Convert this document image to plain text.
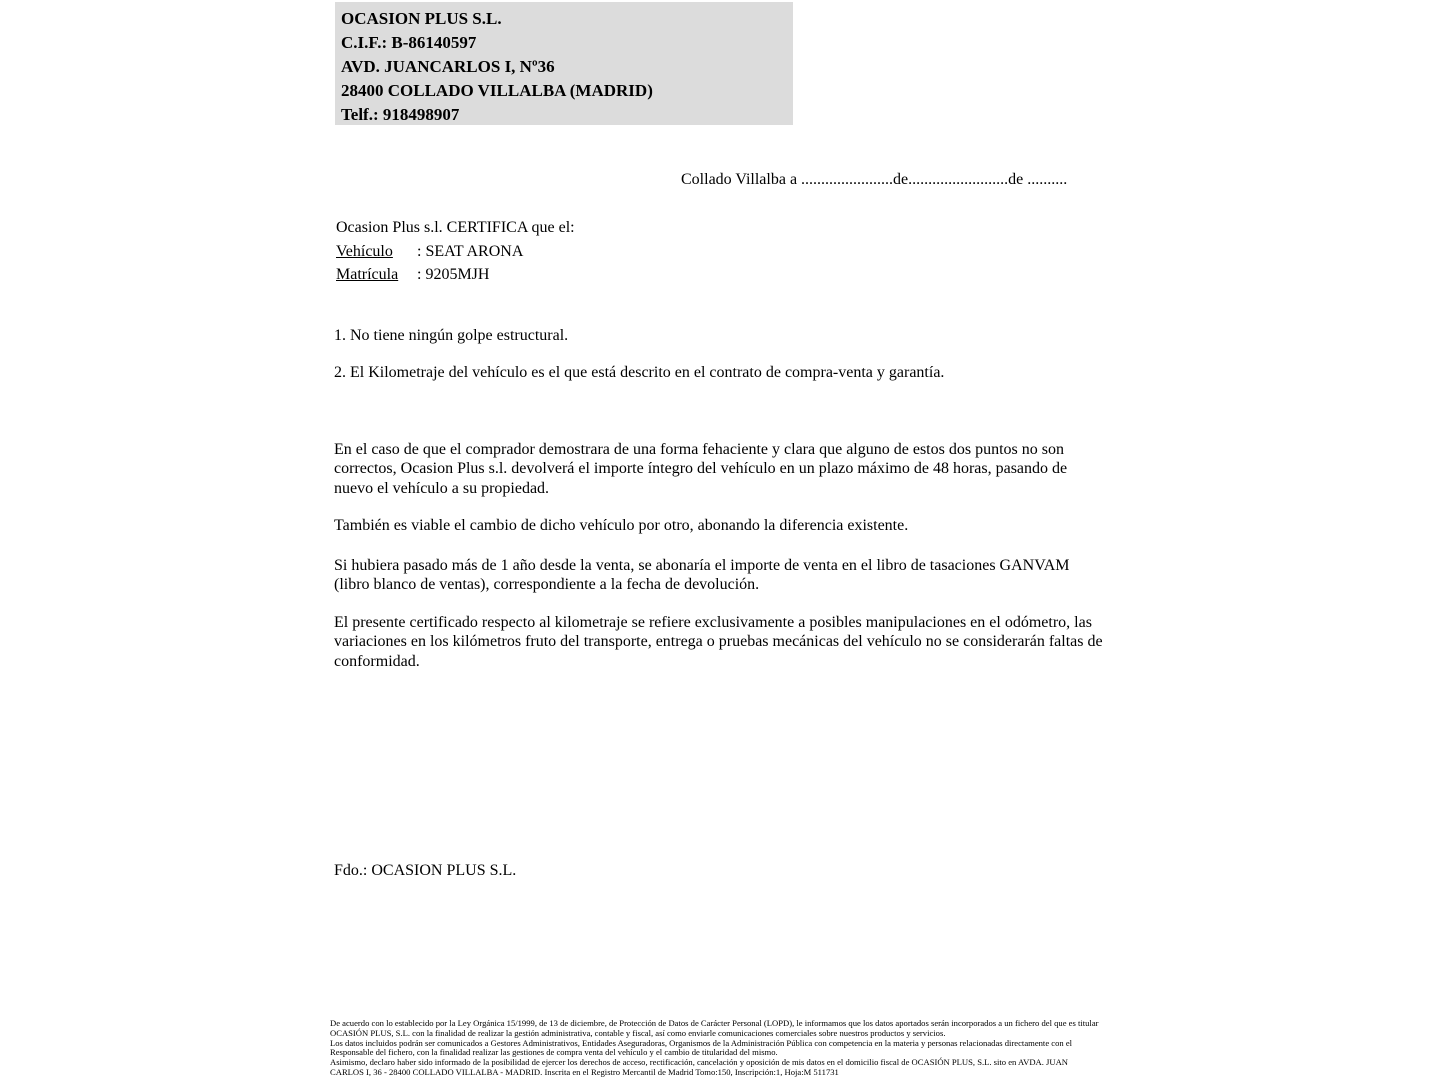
OCASION PLUS S.L.
C.I.F.: B-86140597
AVD. JUANCARLOS I, Nº36
28400 COLLADO VILLALBA (MADRID)
Telf.: 918498907
Collado Villalba a .......................de.........................de ..........
Ocasion Plus s.l. CERTIFICA que el:
Vehículo : SEAT ARONA
Matrícula : 9205MJH
1. No tiene ningún golpe estructural.
2. El Kilometraje del vehículo es el que está descrito en el contrato de compra-venta y garantía.
En el caso de que el comprador demostrara de una forma fehaciente y clara que alguno de estos dos puntos no son correctos, Ocasion Plus s.l. devolverá el importe íntegro del vehículo en un plazo máximo de 48 horas, pasando de nuevo el vehículo a su propiedad.
También es viable el cambio de dicho vehículo por otro, abonando la diferencia existente.
Si hubiera pasado más de 1 año desde la venta, se abonaría el importe de venta en el libro de tasaciones GANVAM (libro blanco de ventas), correspondiente a la fecha de devolución.
El presente certificado respecto al kilometraje se refiere exclusivamente a posibles manipulaciones en el odómetro, las variaciones en los kilómetros fruto del transporte, entrega o pruebas mecánicas del vehículo no se considerarán faltas de conformidad.
Fdo.: OCASION PLUS S.L.
De acuerdo con lo establecido por la Ley Orgánica 15/1999, de 13 de diciembre, de Protección de Datos de Carácter Personal (LOPD), le informamos que los datos aportados serán incorporados a un fichero del que es titular
OCASIÓN PLUS, S.L. con la finalidad de realizar la gestión administrativa, contable y fiscal, así como enviarle comunicaciones comerciales sobre nuestros productos y servicios.
Los datos incluidos podrán ser comunicados a Gestores Administrativos, Entidades Aseguradoras, Organismos de la Administración Pública con competencia en la materia y personas relacionadas directamente con el
Responsable del fichero, con la finalidad realizar las gestiones de compra venta del vehículo y el cambio de titularidad del mismo.
Asimismo, declaro haber sido informado de la posibilidad de ejercer los derechos de acceso, rectificación, cancelación y oposición de mis datos en el domicilio fiscal de OCASIÓN PLUS, S.L. sito en AVDA. JUAN
CARLOS I, 36 - 28400 COLLADO VILLALBA - MADRID. Inscrita en el Registro Mercantil de Madrid Tomo:150, Inscripción:1, Hoja:M 511731
